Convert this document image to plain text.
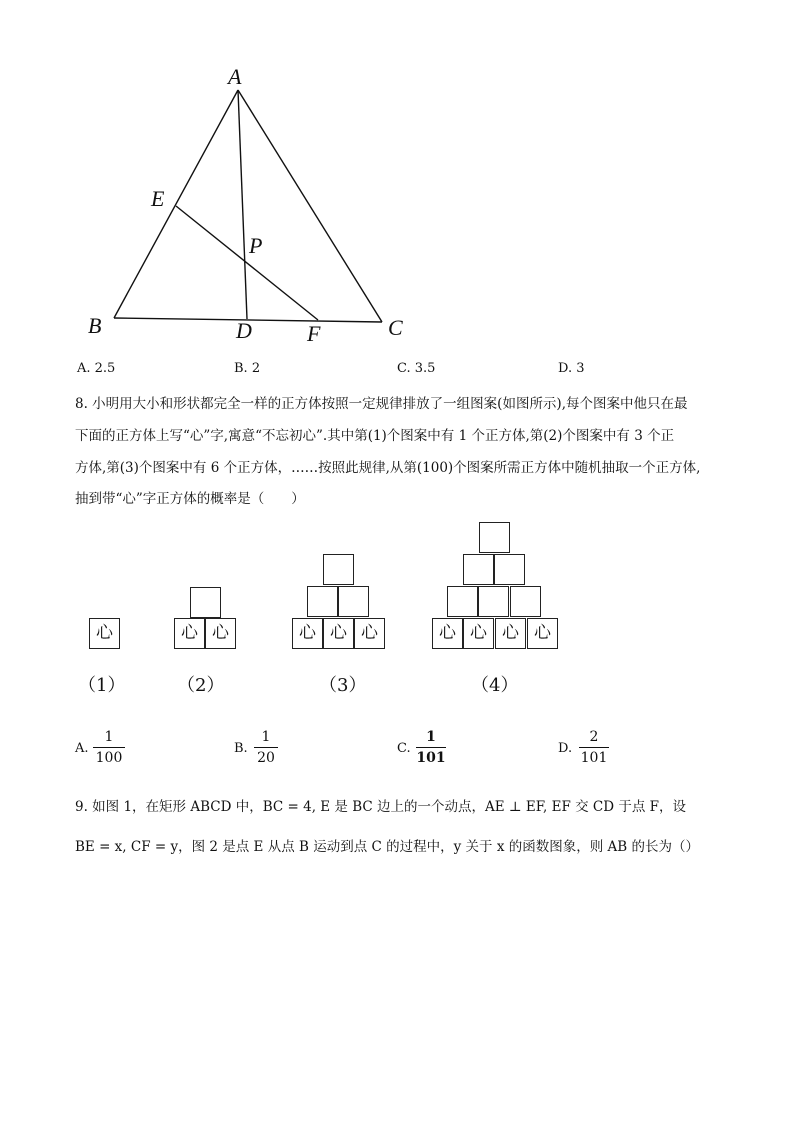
A
E
P
B	D	F	C
A. 2.5	B. 2	C. 3.5	D. 3
8. 小明用大小和形状都完全一样的正方体按照一定规律排放了一组图案(如图所示),每个图案中他只在最
下面的正方体上写“心”字,寓意“不忘初心”.其中第(1)个图案中有 1 个正方体,第(2)个图案中有 3 个正
方体,第(3)个图案中有 6 个正方体，……按照此规律,从第(100)个图案所需正方体中随机抽取一个正方体,
抽到带“心”字正方体的概率是（　　）
心	心 心	心 心 心	心 心 心 心
（1）	（2）	（3）	（4）
A.
1
100
B.
1
20
C.
1
101
D.
2
101
9. 如图 1，在矩形 ABCD 中，BC = 4, E 是 BC 边上的一个动点，AE ⊥ EF, EF 交 CD 于点 F，设
BE = x, CF = y，图 2 是点 E 从点 B 运动到点 C 的过程中，y 关于 x 的函数图象，则 AB 的长为（）
